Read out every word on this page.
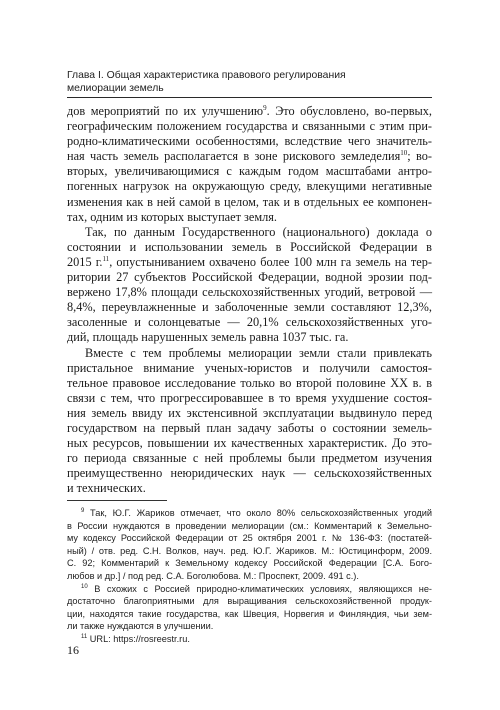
Глава I. Общая характеристика правового регулирования
мелиорации земель
дов мероприятий по их улучшению$^9$. Это обусловлено, во-первых,
географическим положением государства и связанными с этим при-
родно-климатическими особенностями, вследствие чего значитель-
ная часть земель располагается в зоне рискового земледелия$^{10}$; во-
вторых, увеличивающимися с каждым годом масштабами антро-
погенных нагрузок на окружающую среду, влекущими негативные
изменения как в ней самой в целом, так и в отдельных ее компонен-
тах, одним из которых выступает земля.
Так, по данным Государственного (национального) доклада о
состоянии и использовании земель в Российской Федерации в
2015 г.$^{11}$, опустыниванием охвачено более 100 млн га земель на тер-
ритории 27 субъектов Российской Федерации, водной эрозии под-
вержено 17,8% площади сельскохозяйственных угодий, ветровой —
8,4%, переувлажненные и заболоченные земли составляют 12,3%,
засоленные и солонцеватые — 20,1% сельскохозяйственных уго-
дий, площадь нарушенных земель равна 1037 тыс. га.
Вместе с тем проблемы мелиорации земли стали привлекать
пристальное внимание ученых-юристов и получили самостоя-
тельное правовое исследование только во второй половине XX в. в
связи с тем, что прогрессировавшее в то время ухудшение состоя-
ния земель ввиду их экстенсивной эксплуатации выдвинуло перед
государством на первый план задачу заботы о состоянии земель-
ных ресурсов, повышении их качественных характеристик. До это-
го периода связанные с ней проблемы были предметом изучения
преимущественно неюридических наук — сельскохозяйственных
и технических.
$^9$ Так, Ю.Г. Жариков отмечает, что около 80% сельскохозяйственных угодий
в России нуждаются в проведении мелиорации (см.: Комментарий к Земельно-
му кодексу Российской Федерации от 25 октября 2001 г. № 136-ФЗ: (постатей-
ный) / отв. ред. С.Н. Волков, науч. ред. Ю.Г. Жариков. М.: Юстицинформ, 2009.
С. 92; Комментарий к Земельному кодексу Российской Федерации [С.А. Бого-
любов и др.] / под ред. С.А. Боголюбова. М.: Проспект, 2009. 491 с.).
$^{10}$ В схожих с Россией природно-климатических условиях, являющихся не-
достаточно благоприятными для выращивания сельскохозяйственной продук-
ции, находятся такие государства, как Швеция, Норвегия и Финляндия, чьи зем-
ли также нуждаются в улучшении.
$^{11}$ URL: https://rosreestr.ru.
16
